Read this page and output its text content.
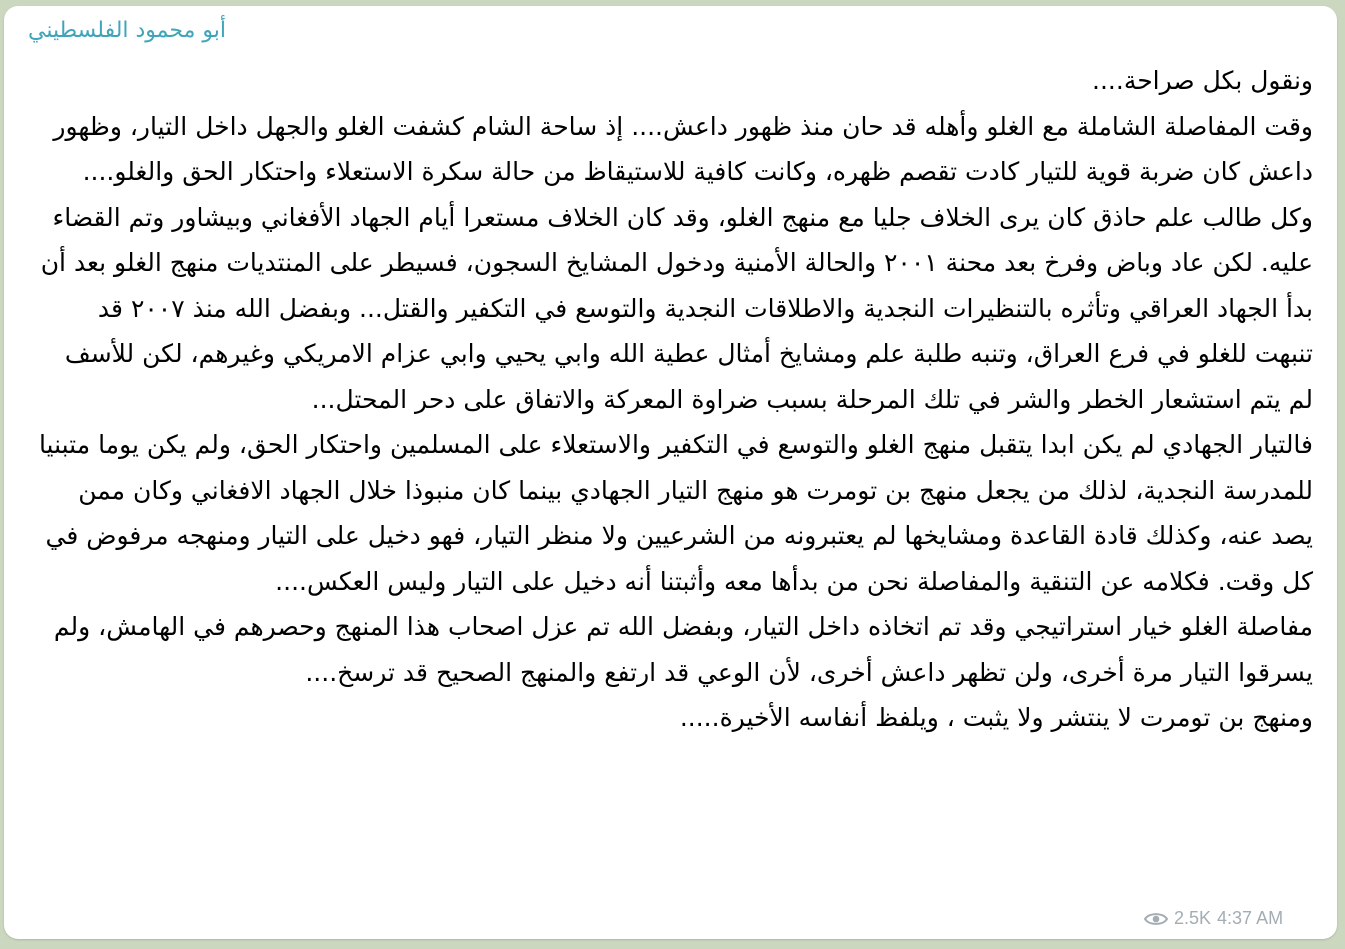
أبو محمود الفلسطيني

ونقول بكل صراحة....

وقت المفاصلة الشاملة مع الغلو وأهله قد حان منذ ظهور داعش.... إذ ساحة الشام كشفت الغلو والجهل داخل التيار، وظهور داعش كان ضربة قوية للتيار كادت تقصم ظهره، وكانت كافية للاستيقاظ من حالة سكرة الاستعلاء واحتكار الحق والغلو....

وكل طالب علم حاذق كان يرى الخلاف جليا مع منهج الغلو، وقد كان الخلاف مستعرا أيام الجهاد الأفغاني وبيشاور وتم القضاء عليه. لكن عاد وباض وفرخ بعد محنة ٢٠٠١ والحالة الأمنية ودخول المشايخ السجون، فسيطر على المنتديات منهج الغلو بعد أن بدأ الجهاد العراقي وتأثره بالتنظيرات النجدية والاطلاقات النجدية والتوسع في التكفير والقتل... وبفضل الله منذ ٢٠٠٧ قد تنبهت للغلو في فرع العراق، وتنبه طلبة علم ومشايخ أمثال عطية الله وابي يحيي وابي عزام الامريكي وغيرهم، لكن للأسف لم يتم استشعار الخطر والشر في تلك المرحلة بسبب ضراوة المعركة والاتفاق على دحر المحتل...

فالتيار الجهادي لم يكن ابدا يتقبل منهج الغلو والتوسع في التكفير والاستعلاء على المسلمين واحتكار الحق، ولم يكن يوما متبنيا للمدرسة النجدية، لذلك من يجعل منهج بن تومرت هو منهج التيار الجهادي بينما كان منبوذا خلال الجهاد الافغاني وكان ممن يصد عنه، وكذلك قادة القاعدة ومشايخها لم يعتبرونه من الشرعيين ولا منظر التيار، فهو دخيل على التيار ومنهجه مرفوض في كل وقت. فكلامه عن التنقية والمفاصلة نحن من بدأها معه وأثبتنا أنه دخيل على التيار وليس العكس....

مفاصلة الغلو خيار استراتيجي وقد تم اتخاذه داخل التيار، وبفضل الله تم عزل اصحاب هذا المنهج وحصرهم في الهامش، ولم يسرقوا التيار مرة أخرى، ولن تظهر داعش أخرى، لأن الوعي قد ارتفع والمنهج الصحيح قد ترسخ....

ومنهج بن تومرت لا ينتشر ولا يثبت ، ويلفظ أنفاسه الأخيرة.....

2.5K 4:37 AM
